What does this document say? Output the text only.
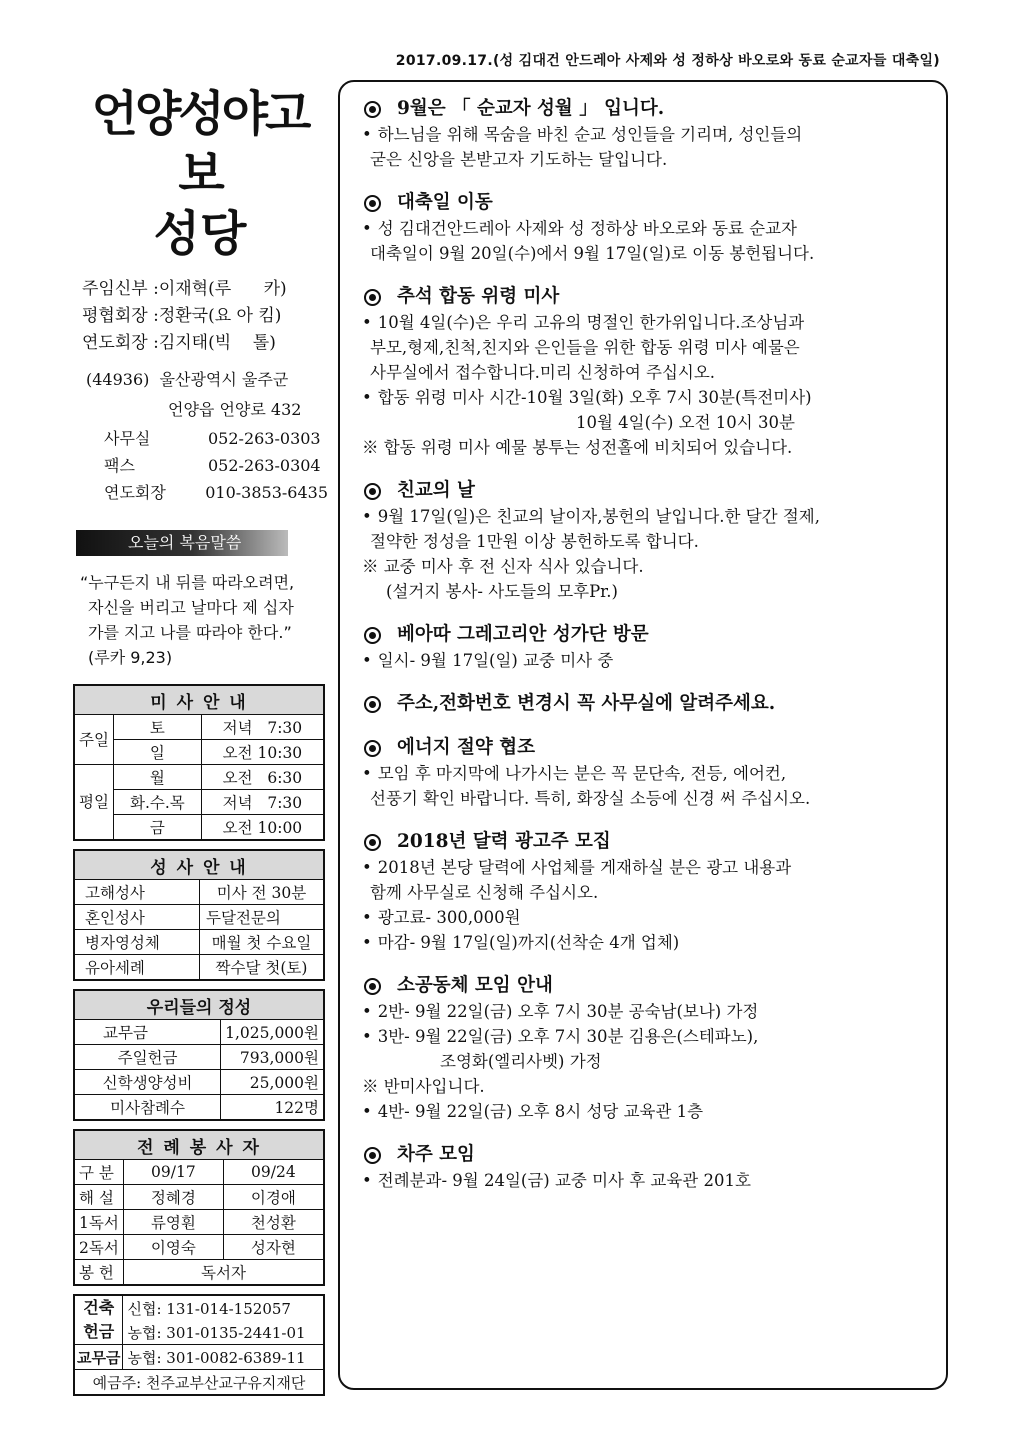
2017.09.17.(성 김대건 안드레아 사제와 성 정하상 바오로와 동료 순교자들 대축일)
언양성야고보
성당
주임신부 :이재혁(루      카)
평협회장 :정환국(요 아 킴)
연도회장 :김지태(빅    톨)
(44936)  울산광역시 울주군
언양읍 언양로 432
사무실	052-263-0303
팩스	052-263-0304
연도회장	010-3853-6435
오늘의 복음말씀
“누구든지 내 뒤를 따라오려면,
자신을 버리고 날마다 제 십자
가를 지고 나를 따라야 한다.”
(루카 9,23)
미 사 안 내		
주일	토	저녁   7:30
	일	오전 10:30
평일	월	오전   6:30
	화.수.목	저녁   7:30
	금	오전 10:00
성 사 안 내	
고해성사	미사 전 30분
혼인성사	두달전문의
병자영성체	매월 첫 수요일
유아세례	짝수달 첫(토)
우리들의 정성	
교무금	1,025,000원
주일헌금	793,000원
신학생양성비	25,000원
미사참례수	122명
전 례 봉 사 자		
구 분	09/17	09/24
해 설	정혜경	이경애
1독서	류영훤	천성환
2독서	이영숙	성자현
봉 헌	독서자	
건축헌금	신협: 131-014-152057
	농협: 301-0135-2441-01
교무금	농협: 301-0082-6389-11
예금주: 천주교부산교구유지재단	
9월은 「 순교자 성월 」 입니다.
• 하느님을 위해 목숨을 바친 순교 성인들을 기리며, 성인들의
굳은 신앙을 본받고자 기도하는 달입니다.
대축일 이동
• 성 김대건안드레아 사제와 성 정하상 바오로와 동료 순교자
대축일이 9월 20일(수)에서 9월 17일(일)로 이동 봉헌됩니다.
추석 합동 위령 미사
• 10월 4일(수)은 우리 고유의 명절인 한가위입니다.조상님과
부모,형제,친척,친지와 은인들을 위한 합동 위령 미사 예물은
사무실에서 접수합니다.미리 신청하여 주십시오.
• 합동 위령 미사 시간-10월 3일(화) 오후 7시 30분(특전미사)
10월 4일(수) 오전 10시 30분
※ 합동 위령 미사 예물 봉투는 성전홀에 비치되어 있습니다.
친교의 날
• 9월 17일(일)은 친교의 날이자,봉헌의 날입니다.한 달간 절제,
절약한 정성을 1만원 이상 봉헌하도록 합니다.
※ 교중 미사 후 전 신자 식사 있습니다.
(설거지 봉사- 사도들의 모후Pr.)
베아따 그레고리안 성가단 방문
• 일시- 9월 17일(일) 교중 미사 중
주소,전화번호 변경시 꼭 사무실에 알려주세요.
에너지 절약 협조
• 모임 후 마지막에 나가시는 분은 꼭 문단속, 전등, 에어컨,
선풍기 확인 바랍니다. 특히, 화장실 소등에 신경 써 주십시오.
2018년 달력 광고주 모집
• 2018년 본당 달력에 사업체를 게재하실 분은 광고 내용과
함께 사무실로 신청해 주십시오.
• 광고료- 300,000원
• 마감- 9월 17일(일)까지(선착순 4개 업체)
소공동체 모임 안내
• 2반- 9월 22일(금) 오후 7시 30분 공숙남(보나) 가정
• 3반- 9월 22일(금) 오후 7시 30분 김용은(스테파노),
조영화(엘리사벳) 가정
※ 반미사입니다.
• 4반- 9월 22일(금) 오후 8시 성당 교육관 1층
차주 모임
• 전례분과- 9월 24일(금) 교중 미사 후 교육관 201호
